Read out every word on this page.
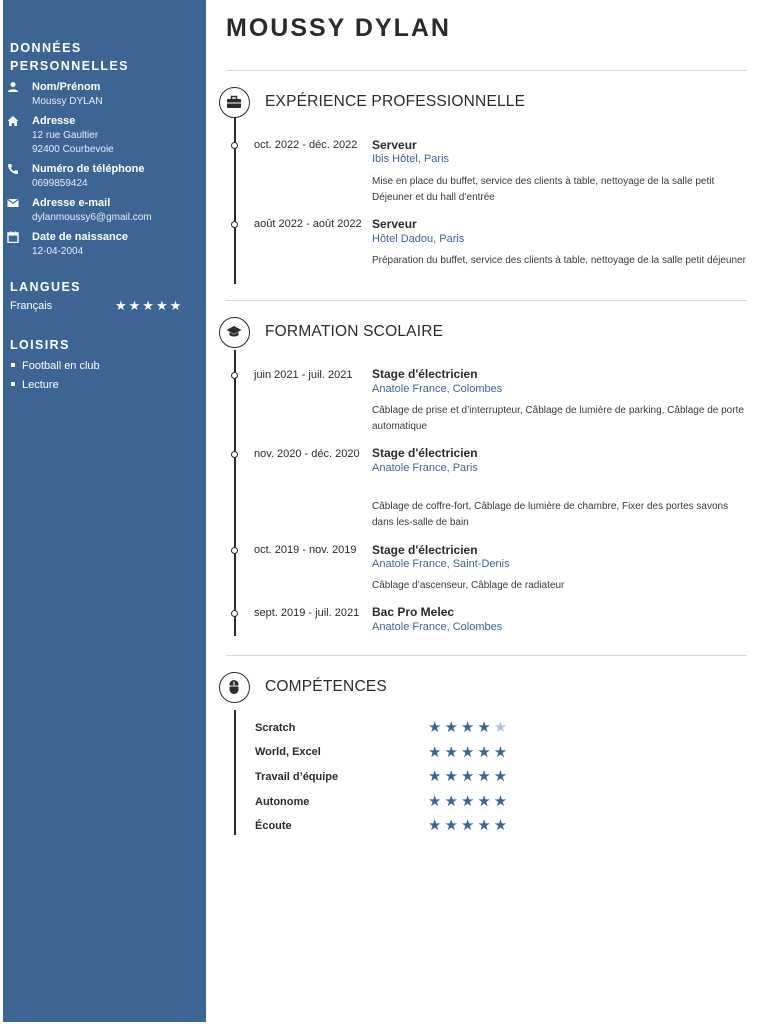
DONNÉES PERSONNELLES
Nom/Prénom
Moussy DYLAN
Adresse
12 rue Gaultier
92400 Courbevoie
Numéro de téléphone
0699859424
Adresse e-mail
dylanmoussy6@gmail.com
Date de naissance
12-04-2004
LANGUES
Français	★★★★★
LOISIRS
Football en club
Lecture
MOUSSY DYLAN
EXPÉRIENCE PROFESSIONNELLE
oct. 2022 - déc. 2022 Serveur
Ibis Hôtel, Paris
Mise en place du buffet, service des clients à table, nettoyage de la salle petit Déjeuner et du hall d’entrée
août 2022 - août 2022 Serveur
Hôtel Dadou, Paris
Préparation du buffet, service des clients à table, nettoyage de la salle petit déjeuner
FORMATION SCOLAIRE
juin 2021 - juil. 2021 Stage d'électricien
Anatole France, Colombes
Câblage de prise et d’interrupteur, Câblage de lumière de parking, Câblage de porte automatique
nov. 2020 - déc. 2020 Stage d'électricien
Anatole France, Paris
Câblage de coffre-fort, Câblage de lumière de chambre, Fixer des portes savons dans les-salle de bain
oct. 2019 - nov. 2019 Stage d'électricien
Anatole France, Saint-Denis
Câblage d’ascenseur, Câblage de radiateur
sept. 2019 - juil. 2021 Bac Pro Melec
Anatole France, Colombes
COMPÉTENCES
Scratch	★★★★★
World, Excel	★★★★★
Travail d’équipe	★★★★★
Autonome	★★★★★
Écoute	★★★★★
